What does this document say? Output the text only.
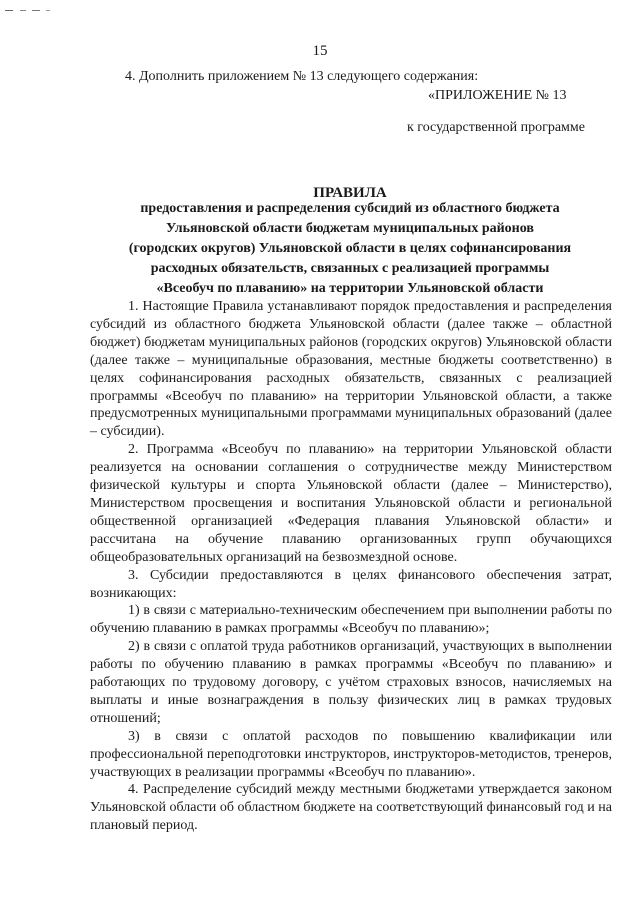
15
4. Дополнить приложением № 13 следующего содержания:
«ПРИЛОЖЕНИЕ № 13
к государственной программе
ПРАВИЛА
предоставления и распределения субсидий из областного бюджета
Ульяновской области бюджетам муниципальных районов
(городских округов) Ульяновской области в целях софинансирования
расходных обязательств, связанных с реализацией программы
«Всеобуч по плаванию» на территории Ульяновской области

1. Настоящие Правила устанавливают порядок предоставления и распределения субсидий из областного бюджета Ульяновской области (далее также – областной бюджет) бюджетам муниципальных районов (городских округов) Ульяновской области (далее также – муниципальные образования, местные бюджеты соответственно) в целях софинансирования расходных обязательств, связанных с реализацией программы «Всеобуч по плаванию» на территории Ульяновской области, а также предусмотренных муниципальными программами муниципальных образований (далее – субсидии).

2. Программа «Всеобуч по плаванию» на территории Ульяновской области реализуется на основании соглашения о сотрудничестве между Министерством физической культуры и спорта Ульяновской области (далее – Министерство), Министерством просвещения и воспитания Ульяновской области и региональной общественной организацией «Федерация плавания Ульяновской области» и рассчитана на обучение плаванию организованных групп обучающихся общеобразовательных организаций на безвозмездной основе.

3. Субсидии предоставляются в целях финансового обеспечения затрат, возникающих:

1) в связи с материально-техническим обеспечением при выполнении работы по обучению плаванию в рамках программы «Всеобуч по плаванию»;

2) в связи с оплатой труда работников организаций, участвующих в выполнении работы по обучению плаванию в рамках программы «Всеобуч по плаванию» и работающих по трудовому договору, с учётом страховых взносов, начисляемых на выплаты и иные вознаграждения в пользу физических лиц в рамках трудовых отношений;

3) в связи с оплатой расходов по повышению квалификации или профессиональной переподготовки инструкторов, инструкторов-методистов, тренеров, участвующих в реализации программы «Всеобуч по плаванию».

4. Распределение субсидий между местными бюджетами утверждается законом Ульяновской области об областном бюджете на соответствующий финансовый год и на плановый период.
